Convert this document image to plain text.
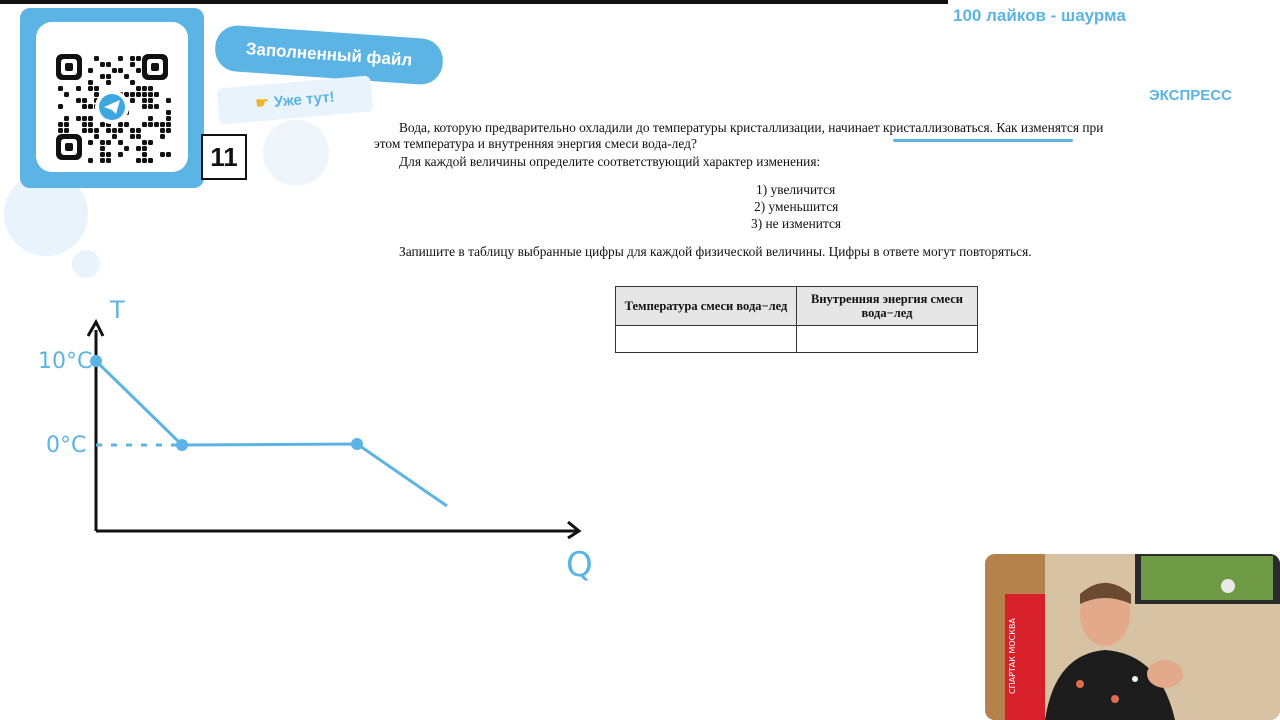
100 лайков - шаурма
ЭКСПРЕСС
Заполненный файл
☛ Уже тут!
11
Вода, которую предварительно охладили до температуры кристаллизации, начинает кристаллизоваться. Как изменятся при
этом температура и внутренняя энергия смеси вода-лед?
Для каждой величины определите соответствующий характер изменения:
1) увеличится
2) уменьшится
3) не изменится
Запишите в таблицу выбранные цифры для каждой физической величины. Цифры в ответе могут повторяться.
Температура смеси вода−лед	Внутренняя энергия смеси вода−лед

T
Q
10°C
0°C
СПАРТАК МОСКВА
